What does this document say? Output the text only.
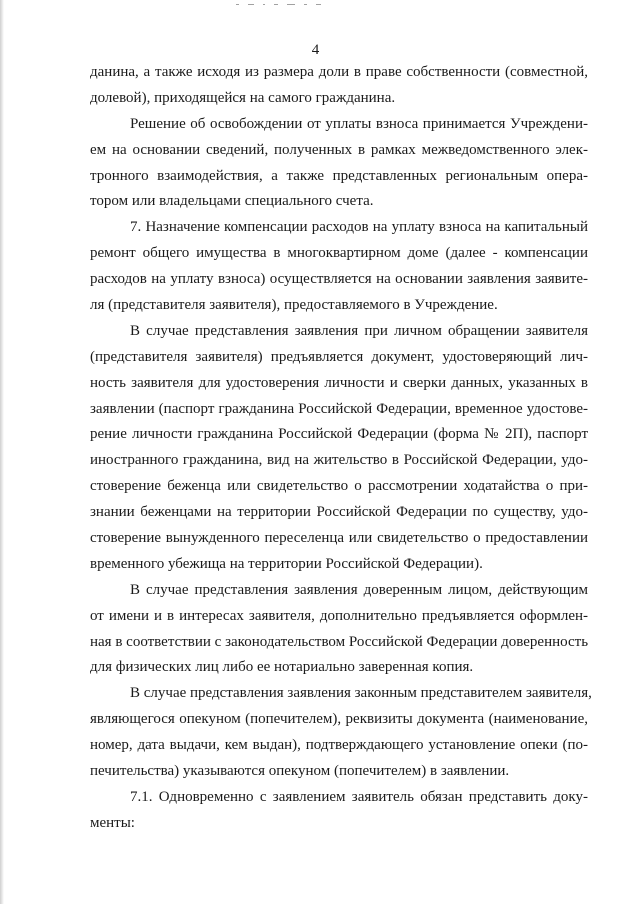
4
данина, а также исходя из размера доли в праве собственности (совместной,
долевой), приходящейся на самого гражданина.
Решение об освобождении от уплаты взноса принимается Учреждени-
ем на основании сведений, полученных в рамках межведомственного элек-
тронного взаимодействия, а также представленных региональным опера-
тором или владельцами специального счета.
7. Назначение компенсации расходов на уплату взноса на капитальный
ремонт общего имущества в многоквартирном доме (далее - компенсации
расходов на уплату взноса) осуществляется на основании заявления заявите-
ля (представителя заявителя), предоставляемого в Учреждение.
В случае представления заявления при личном обращении заявителя
(представителя заявителя) предъявляется документ, удостоверяющий лич-
ность заявителя для удостоверения личности и сверки данных, указанных в
заявлении (паспорт гражданина Российской Федерации, временное удостове-
рение личности гражданина Российской Федерации (форма № 2П), паспорт
иностранного гражданина, вид на жительство в Российской Федерации, удо-
стоверение беженца или свидетельство о рассмотрении ходатайства о при-
знании беженцами на территории Российской Федерации по существу, удо-
стоверение вынужденного переселенца или свидетельство о предоставлении
временного убежища на территории Российской Федерации).
В случае представления заявления доверенным лицом, действующим
от имени и в интересах заявителя, дополнительно предъявляется оформлен-
ная в соответствии с законодательством Российской Федерации доверенность
для физических лиц либо ее нотариально заверенная копия.
В случае представления заявления законным представителем заявителя,
являющегося опекуном (попечителем), реквизиты документа (наименование,
номер, дата выдачи, кем выдан), подтверждающего установление опеки (по-
печительства) указываются опекуном (попечителем) в заявлении.
7.1. Одновременно с заявлением заявитель обязан представить доку-
менты:
